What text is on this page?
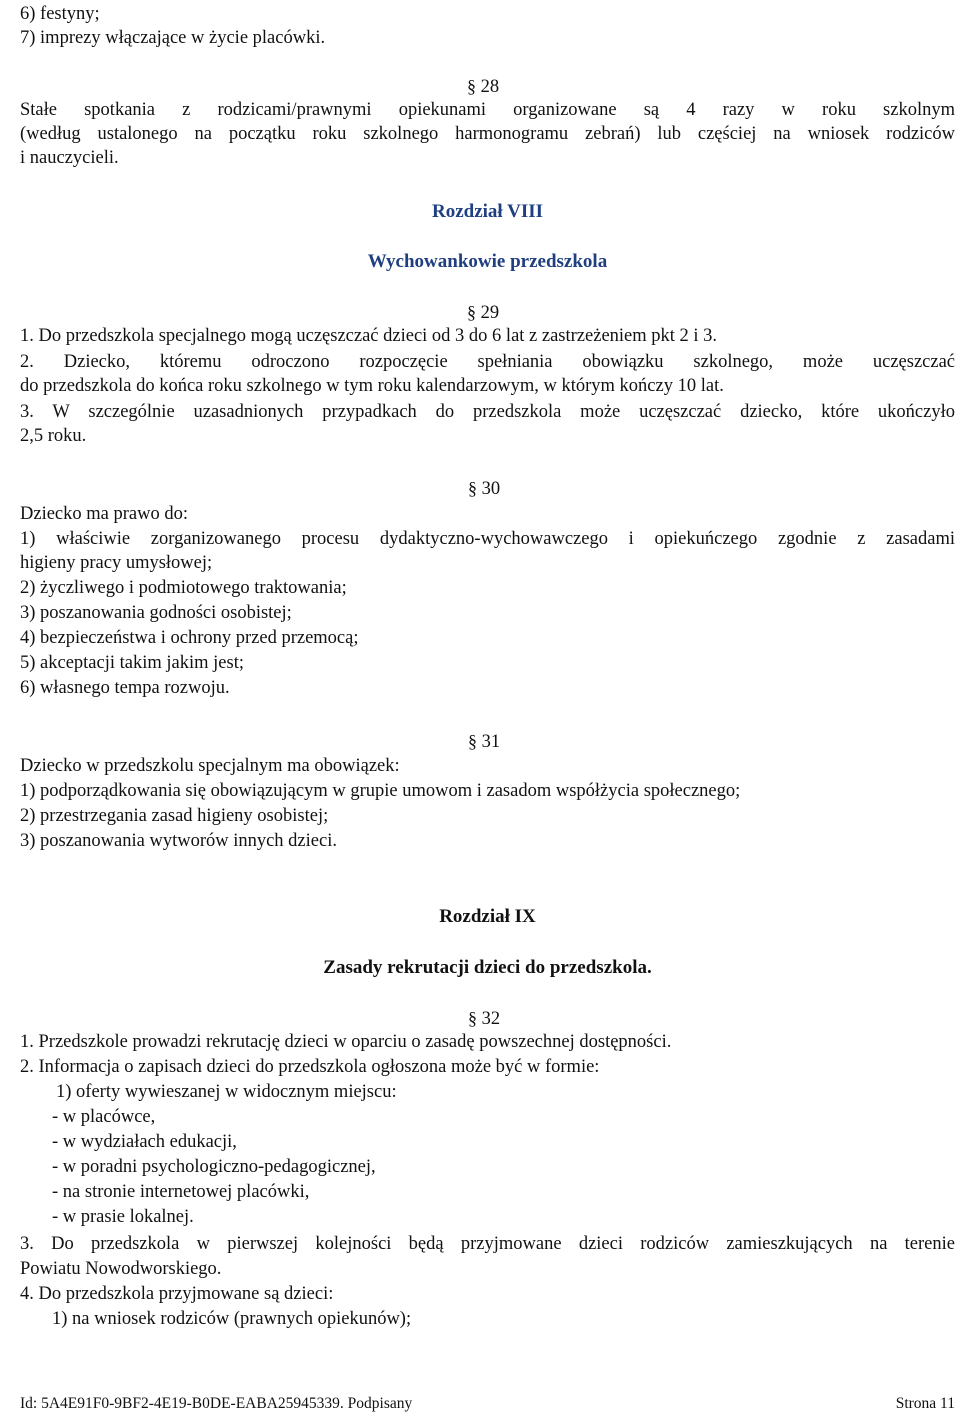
6) festyny;
7) imprezy włączające w życie placówki.
§ 28
Stałe spotkania z rodzicami/prawnymi opiekunami organizowane są 4 razy w roku szkolnym
(według ustalonego na początku roku szkolnego harmonogramu zebrań) lub częściej na wniosek rodziców
i nauczycieli.
Rozdział VIII
Wychowankowie przedszkola
§ 29
1. Do przedszkola specjalnego mogą uczęszczać dzieci od 3 do 6 lat z zastrzeżeniem pkt 2 i 3.
2. Dziecko, któremu odroczono rozpoczęcie spełniania obowiązku szkolnego, może uczęszczać
do przedszkola do końca roku szkolnego w tym roku kalendarzowym, w którym kończy 10 lat.
3. W szczególnie uzasadnionych przypadkach do przedszkola może uczęszczać dziecko, które ukończyło
2,5 roku.
§ 30
Dziecko ma prawo do:
1) właściwie zorganizowanego procesu dydaktyczno-wychowawczego i opiekuńczego zgodnie z zasadami
higieny pracy umysłowej;
2) życzliwego i podmiotowego traktowania;
3) poszanowania godności osobistej;
4) bezpieczeństwa i ochrony przed przemocą;
5) akceptacji takim jakim jest;
6) własnego tempa rozwoju.
§ 31
Dziecko w przedszkolu specjalnym ma obowiązek:
1) podporządkowania się obowiązującym w grupie umowom i zasadom współżycia społecznego;
2) przestrzegania zasad higieny osobistej;
3) poszanowania wytworów innych dzieci.
Rozdział IX
Zasady rekrutacji dzieci do przedszkola.
§ 32
1. Przedszkole prowadzi rekrutację dzieci w oparciu o zasadę powszechnej dostępności.
2. Informacja o zapisach dzieci do przedszkola ogłoszona może być w formie:
1) oferty wywieszanej w widocznym miejscu:
- w placówce,
- w wydziałach edukacji,
- w poradni psychologiczno-pedagogicznej,
- na stronie internetowej placówki,
- w prasie lokalnej.
3. Do przedszkola w pierwszej kolejności będą przyjmowane dzieci rodziców zamieszkujących na terenie
Powiatu Nowodworskiego.
4. Do przedszkola przyjmowane są dzieci:
1) na wniosek rodziców (prawnych opiekunów);
Id: 5A4E91F0-9BF2-4E19-B0DE-EABA25945339. Podpisany	Strona 11
